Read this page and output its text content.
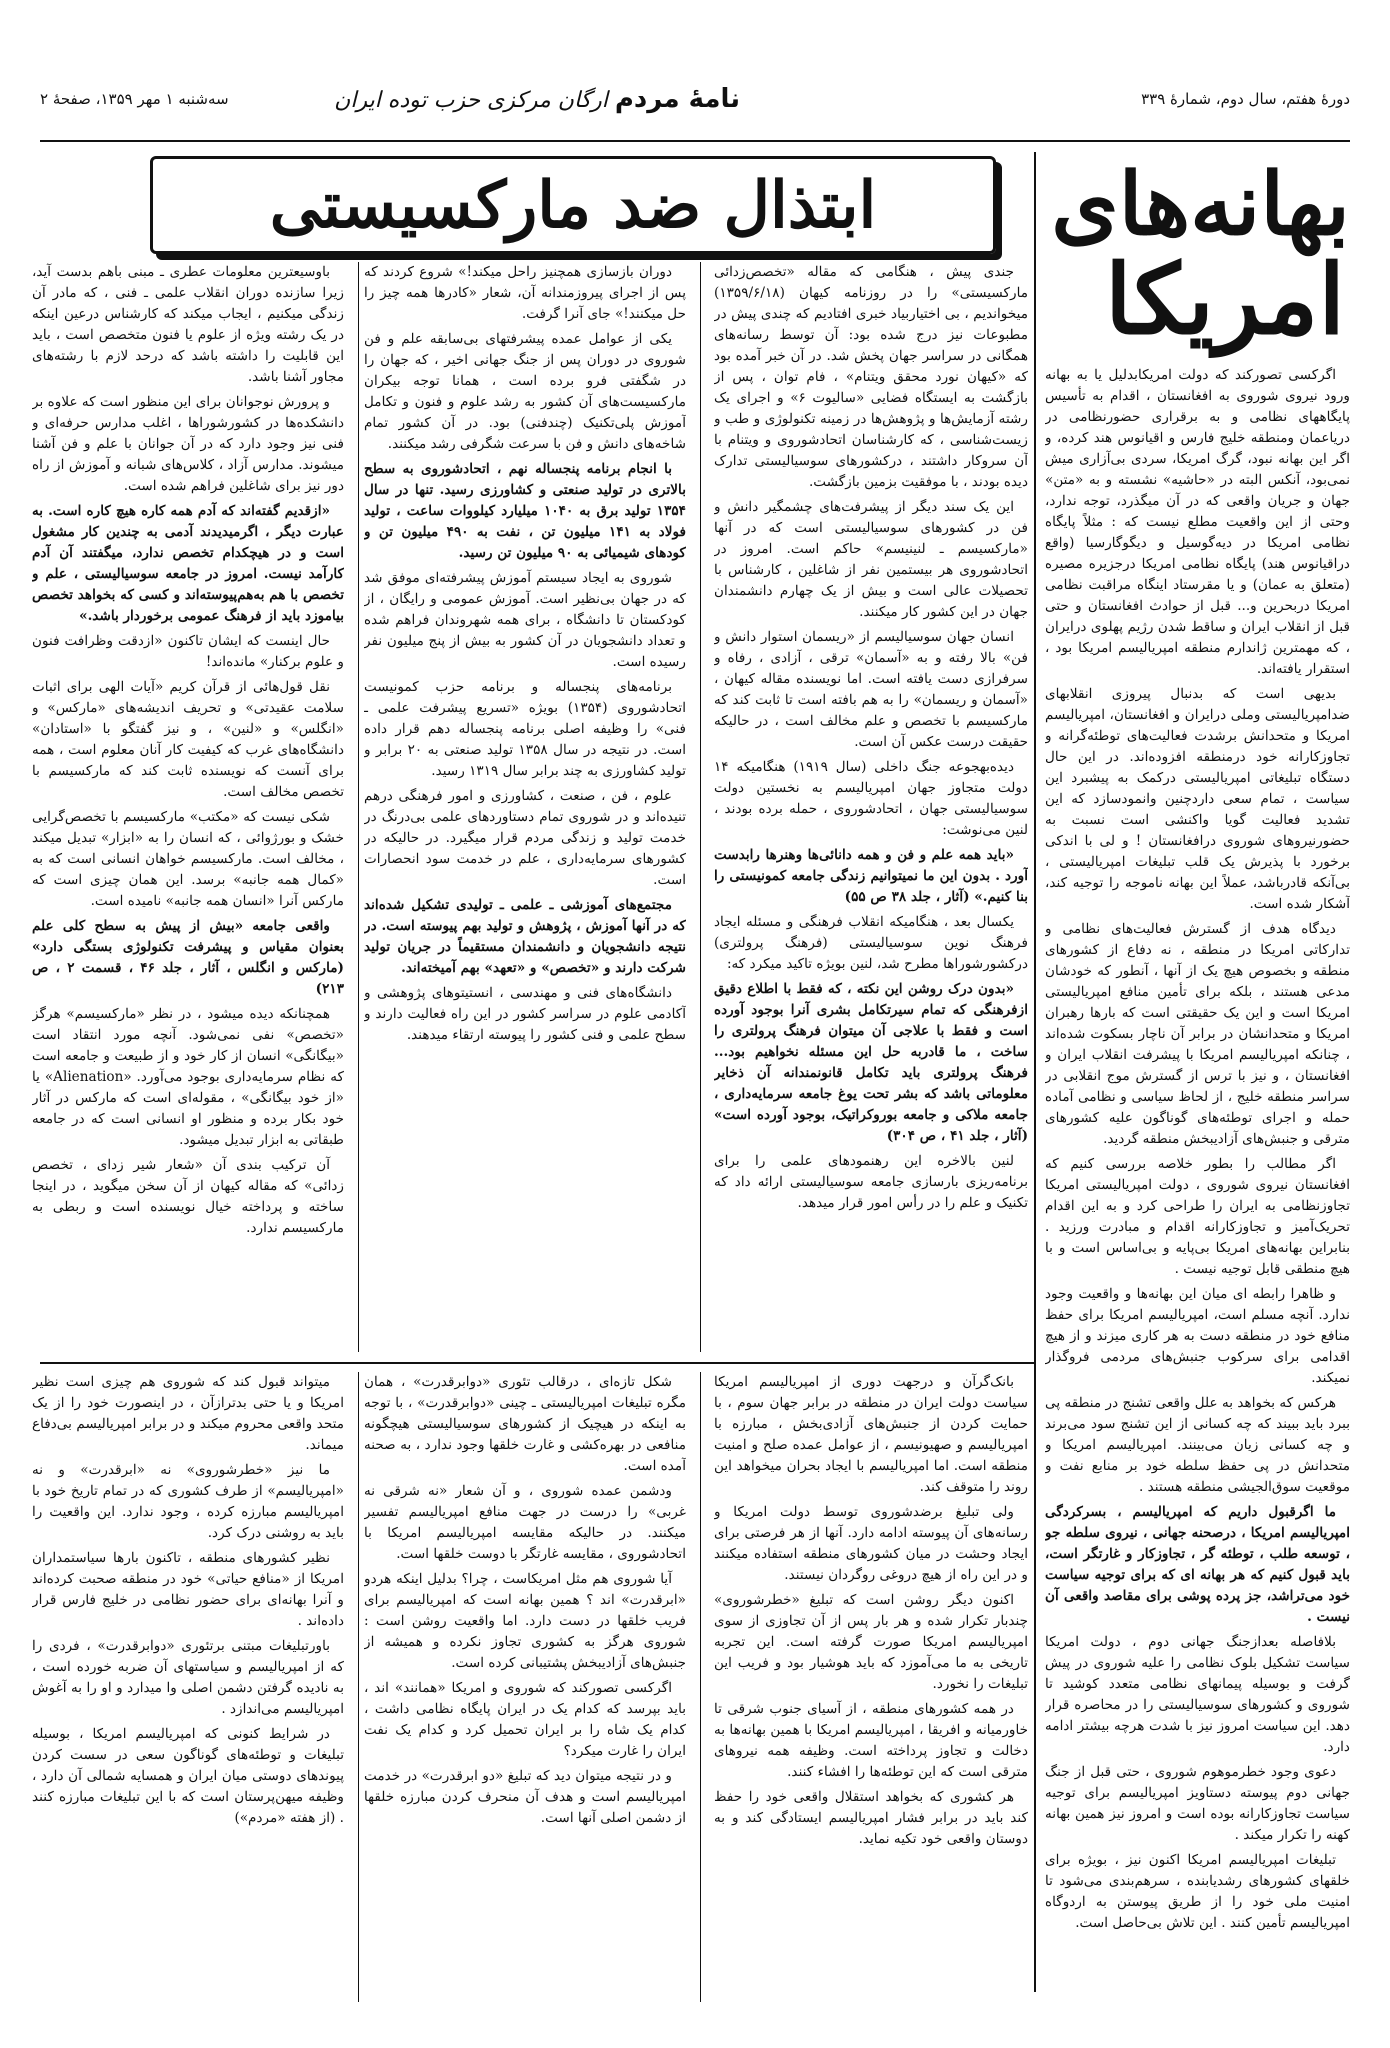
دورهٔ هفتم، سال دوم، شمارهٔ ۳۳۹
نامهٔ مردم ارگان مرکزی حزب توده ایران
سه‌شنبه ۱ مهر ۱۳۵۹، صفحهٔ ۲
بهانه‌های
امریکا

اگرکسی تصورکند که دولت امریکابدلیل یا به بهانه ورود نیروی شوروی به افغانستان ، اقدام به تأسیس پایگاههای نظامی و به برقراری حضورنظامی در درياعمان ومنطقه خلیج فارس و اقیانوس هند کرده، و اگر این بهانه نبود، گرگ امریکا، سردی بی‌آزاری میش نمی‌بود، آنکس البته در «حاشیه» نشسته و به «متن» جهان و جریان واقعی که در آن میگذرد، توجه ندارد، وحتی از این واقعیت مطلع نیست که : مثلاً پایگاه نظامی امریکا در دیه‌گوسیل و دیگوگارسيا (واقع دراقیانوس هند) پایگاه نظامی امریکا درجزیره مصیره (متعلق به عمان) و یا مقرستاد اینگاه مراقبت نظامی امریکا دربحرین و... قبل از حوادث افغانستان و حتی قبل از انقلاب ایران و ساقط شدن رژیم پهلوی درایران ، که مهمترین ژاندارم منطقه امپریالیسم امریکا بود ، استقرار یافته‌اند.

بدیهی است که بدنبال پیروزی انقلابهای ضدامپریالیستی وملی درایران و افغانستان، امپریالیسم امریکا و متحدانش برشدت فعالیت‌های توطئه‌گرانه و تجاوزکارانه خود درمنطقه افزوده‌اند. در این حال دستگاه تبلیغاتی امپریالیستی درکمک به پیشبرد این سیاست ، تمام سعی داردچنین وانمودسازد که این تشدید فعالیت گویا واکنشی است نسبت به حضورنیروهای شوروی درافغانستان ! و لی با اندکی برخورد با پذیرش یک قلب تبلیغات امپریالیستی ، بی‌آنکه قادرباشد، عملاً این بهانه ناموجه را توجیه کند، آشکار شده است.

دیدگاه هدف از گسترش فعالیت‌های نظامی و تدارکاتی امریکا در منطقه ، نه دفاع از کشورهای منطقه و بخصوص هیچ یک از آنها ، آنطور که خودشان مدعی هستند ، بلکه برای تأمین منافع امپریالیستی امریکا است و این یک حقیقتی است که بارها رهبران امریکا و متحدانشان در برابر آن ناچار بسکوت شده‌اند ، چنانکه امپریالیسم امریکا با پیشرفت انقلاب ایران و افغانستان ، و نیز با ترس از گسترش موج انقلابی در سراسر منطقه خلیج ، از لحاظ سیاسی و نظامی آماده حمله و اجرای توطئه‌های گوناگون علیه کشورهای مترقی و جنبش‌های آزادیبخش منطقه گردید.

اگر مطالب را بطور خلاصه بررسی کنیم که افغانستان نیروی شوروی ، دولت امپریالیستی امریکا تجاوزنظامی به ایران را طراحی کرد و به این اقدام تحریک‌آمیز و تجاوزکارانه اقدام و مبادرت ورزید . بنابراین بهانه‌های امریکا بی‌پایه و بی‌اساس است و با هیچ منطقی قابل توجیه نیست .

و ظاهرا رابطه ای میان این بهانه‌ها و واقعیت وجود ندارد. آنچه مسلم است، امپریالیسم امریکا برای حفظ منافع خود در منطقه دست به هر کاری میزند و از هیچ اقدامی برای سرکوب جنبش‌های مردمی فروگذار نمیکند.

هرکس که بخواهد به علل واقعی تشنج در منطقه پی ببرد باید ببیند که چه کسانی از این تشنج سود می‌برند و چه کسانی زیان می‌بینند. امپریالیسم امریکا و متحدانش در پی حفظ سلطه خود بر منابع نفت و موقعیت سوق‌الجیشی منطقه هستند .

ما اگرقبول داریم که امپریالیسم ، بسرکردگی امپریالیسم امریکا ، درصحنه جهانی ، نیروی سلطه جو ، توسعه طلب ، توطئه گر ، تجاوزکار و غارتگر است، باید قبول کنیم که هر بهانه ای که برای توجیه سیاست خود می‌تراشد، جز پرده پوشی برای مقاصد واقعی آن نیست .

بلافاصله بعدازجنگ جهانی دوم ، دولت امریکا سیاست تشکیل بلوک نظامی را علیه شوروی در پیش گرفت و بوسیله پیمانهای نظامی متعدد کوشید تا شوروی و کشورهای سوسیالیستی را در محاصره قرار دهد. این سیاست امروز نیز با شدت هرچه بیشتر ادامه دارد.

دعوی وجود خطرموهوم شوروی ، حتی قبل از جنگ جهانی دوم پیوسته دستاویز امپریالیسم برای توجیه سیاست تجاوزکارانه بوده است و امروز نیز همین بهانه کهنه را تکرار میکند .

تبلیغات امپریالیسم امریکا اکنون نیز ، بویژه برای خلقهای کشورهای رشدیابنده ، سرهم‌بندی می‌شود تا امنیت ملی خود را از طریق پیوستن به اردوگاه امپریالیسم تأمین کنند . این تلاش بی‌حاصل است.

ابتذال ضد مارکسیستی

جندی پیش ، هنگامی که مقاله «تخصص‌زدائی مارکسیستی» را در روزنامه کیهان (۱۳۵۹/۶/۱۸) میخواندیم ، بی اختیاربیاد خبری افتادیم که چندی پیش در مطبوعات نیز درج شده بود: آن توسط رسانه‌های همگانی در سراسر جهان پخش شد. در آن خبر آمده بود که «کیهان نورد محقق ویتنام» ، فام توان ، پس از بازگشت به ایستگاه فضایی «سالیوت ۶» و اجرای یک رشته آزمایش‌ها و پژوهش‌ها در زمینه تکنولوژی و طب و زیست‌شناسی ، که کارشناسان اتحادشوروی و ویتنام با آن سروکار داشتند ، درکشورهای سوسیالیستی تدارک دیده بودند ، با موفقیت بزمین بازگشت.

این یک سند دیگر از پیشرفت‌های چشمگیر دانش و فن در کشورهای سوسیالیستی است که در آنها «مارکسیسم ـ لنینیسم» حاکم است. امروز در اتحادشوروی هر بیستمین نفر از شاغلین ، کارشناس با تحصیلات عالی است و بیش از یک چهارم دانشمندان جهان در این کشور کار میکنند.

انسان جهان سوسیالیسم از «ریسمان استوار دانش و فن» بالا رفته و به «آسمان» ترقی ، آزادی ، رفاه و سرفرازی دست یافته است. اما نویسنده مقاله کیهان ، «آسمان و ریسمان» را به هم بافته است تا ثابت کند که مارکسیسم با تخصص و علم مخالف است ، در حالیکه حقیقت درست عکس آن است.

دیده‌بهجوعه جنگ داخلی (سال ۱۹۱۹) هنگامیکه ۱۴ دولت متجاوز جهان امپریالیسم به نخستین دولت سوسیالیستی جهان ، اتحادشوروی ، حمله برده بودند ، لنین می‌نوشت:

«باید همه علم و فن و همه دانائی‌ها وهنرها رابدست آورد . بدون این ما نمیتوانیم زندگی جامعه کمونیستی را بنا کنیم.» (آثار ، جلد ۳۸ ص ۵۵)

یکسال بعد ، هنگامیکه انقلاب فرهنگی و مسئله ایجاد فرهنگ نوین سوسیالیستی (فرهنگ پرولتری) درکشورشوراها مطرح شد، لنین بویژه تاکید میکرد که:

«بدون درک روشن این نکته ، که فقط با اطلاع دقیق ازفرهنگی که تمام سیرتکامل بشری آنرا بوجود آورده است و فقط با علاجی آن میتوان فرهنگ پرولتری را ساخت ، ما قادربه حل این مسئله نخواهیم بود... فرهنگ پرولتری باید تکامل قانونمندانه آن ذخایر معلوماتی باشد که بشر تحت یوغ جامعه سرمایه‌داری ، جامعه ملاکی و جامعه بوروکراتیک، بوجود آورده است» (آثار ، جلد ۴۱ ، ص ۳۰۴)

لنین بالاخره این رهنمودهای علمی را برای برنامه‌ریزی بارسازی جامعه سوسیالیستی ارائه داد که تکنیک و علم را در رأس امور قرار میدهد.

دوران بازسازی همچنیز راحل میکند!» شروع کردند که پس از اجرای پیروزمندانه آن، شعار «کادرها همه چیز را حل میکنند!» جای آنرا گرفت.

یکی از عوامل عمده پیشرفتهای بی‌سابقه علم و فن شوروی در دوران پس از جنگ جهانی اخیر ، که جهان را در شگفتی فرو برده است ، همانا توجه بیکران مارکسیست‌های آن کشور به رشد علوم و فنون و تکامل آموزش پلی‌تکنیک (چندفنی) بود. در آن کشور تمام شاخه‌های دانش و فن با سرعت شگرفی رشد میکنند.

با انجام برنامه پنجساله نهم ، اتحادشوروی به سطح بالاتری در تولید صنعتی و کشاورزی رسید. تنها در سال ۱۳۵۴ تولید برق به ۱۰۴۰ میلیارد کیلووات ساعت ، تولید فولاد به ۱۴۱ میلیون تن ، نفت به ۴۹۰ میلیون تن و کودهای شیمیائی به ۹۰ میلیون تن رسید.

شوروی به ایجاد سیستم آموزش پیشرفته‌ای موفق شد که در جهان بی‌نظیر است. آموزش عمومی و رایگان ، از کودکستان تا دانشگاه ، برای همه شهروندان فراهم شده و تعداد دانشجویان در آن کشور به بیش از پنج میلیون نفر رسیده است.

برنامه‌های پنجساله و برنامه حزب کمونیست اتحادشوروی (۱۳۵۴) بویژه «تسریع پیشرفت علمی ـ فنی» را وظیفه اصلی برنامه پنجساله دهم قرار داده است. در نتیجه در سال ۱۳۵۸ تولید صنعتی به ۲۰ برابر و تولید کشاورزی به چند برابر سال ۱۳۱۹ رسید.

علوم ، فن ، صنعت ، کشاورزی و امور فرهنگی درهم تنیده‌اند و در شوروی تمام دستاوردهای علمی بی‌درنگ در خدمت تولید و زندگی مردم قرار میگیرد. در حالیکه در کشورهای سرمایه‌داری ، علم در خدمت سود انحصارات است.

مجتمع‌های آموزشی ـ علمی ـ تولیدی تشکیل شده‌اند که در آنها آموزش ، پژوهش و تولید بهم پیوسته است. در نتیجه دانشجویان و دانشمندان مستقیماً در جریان تولید شرکت دارند و «تخصص» و «تعهد» بهم آمیخته‌اند.

دانشگاه‌های فنی و مهندسی ، انستیتوهای پژوهشی و آکادمی علوم در سراسر کشور در این راه فعالیت دارند و سطح علمی و فنی کشور را پیوسته ارتقاء میدهند.

باوسیعترین معلومات عطری ـ مبنی باهم بدست آید، زیرا سازنده دوران انقلاب علمی ـ فنی ، که مادر آن زندگی میکنیم ، ایجاب میکند که کارشناس درعین اینکه در یک رشته ویژه از علوم یا فنون متخصص است ، باید این قابلیت را داشته باشد که درحد لازم با رشته‌های مجاور آشنا باشد.

و پرورش نوجوانان برای این منظور است که علاوه بر دانشکده‌ها در کشورشوراها ، اغلب مدارس حرفه‌ای و فنی نیز وجود دارد که در آن جوانان با علم و فن آشنا میشوند. مدارس آزاد ، کلاس‌های شبانه و آموزش از راه دور نیز برای شاغلین فراهم شده است.

«ازقدیم گفته‌اند که آدم همه کاره هیچ کاره است. به عبارت دیگر ، اگرمیدیدند آدمی به چندین کار مشغول است و در هیچکدام تخصص ندارد، میگفتند آن آدم کارآمد نیست. امروز در جامعه سوسیالیستی ، علم و تخصص با هم به‌هم‌پیوسته‌اند و کسی که بخواهد تخصص بیاموزد باید از فرهنگ عمومی برخوردار باشد.»

حال اینست که ایشان تاکنون «ازدقت وظرافت فنون و علوم برکنار» مانده‌اند!

نقل قول‌هائی از قرآن کریم «آیات الهی برای اثبات سلامت عقیدتی» و تحریف اندیشه‌های «مارکس» و «انگلس» و «لنین» ، و نیز گفتگو با «استادان» دانشگاه‌های غرب که کیفیت کار آنان معلوم است ، همه برای آنست که نویسنده ثابت کند که مارکسیسم با تخصص مخالف است.

شکی نیست که «مکتب» مارکسیسم با تخصص‌گرایی خشک و بورژوائی ، که انسان را به «ابزار» تبدیل میکند ، مخالف است. مارکسیسم خواهان انسانی است که به «کمال همه جانبه» برسد. این همان چیزی است که مارکس آنرا «انسان همه جانبه» نامیده است.

واقعی جامعه «بیش از پیش به سطح کلی علم بعنوان مقیاس و پیشرفت تکنولوژی بستگی دارد» (مارکس و انگلس ، آثار ، جلد ۴۶ ، قسمت ۲ ، ص ۲۱۳)

همچنانکه دیده میشود ، در نظر «مارکسیسم» هرگز «تخصص» نفی نمی‌شود. آنچه مورد انتقاد است «بیگانگی» انسان از کار خود و از طبیعت و جامعه است که نظام سرمایه‌داری بوجود می‌آورد. «Alienation» یا «از خود بیگانگی» ، مقوله‌ای است که مارکس در آثار خود بکار برده و منظور او انسانی است که در جامعه طبقاتی به ابزار تبدیل میشود.

آن ترکیب بندی آن «شعار شیر زدای ، تخصص زدائی» که مقاله کیهان از آن سخن میگوید ، در اینجا ساخته و پرداخته خیال نویسنده است و ربطی به مارکسیسم ندارد.

بانک‌گرآن و درجهت دوری از امپریالیسم امریکا سیاست دولت ایران در منطقه در برابر جهان سوم ، با حمایت کردن از جنبش‌های آزادی‌بخش ، مبارزه با امپریالیسم و صهیونیسم ، از عوامل عمده صلح و امنیت منطقه است. اما امپریالیسم با ایجاد بحران میخواهد این روند را متوقف کند.

ولی تبلیغ برضدشوروی توسط دولت امریکا و رسانه‌های آن پیوسته ادامه دارد. آنها از هر فرصتی برای ایجاد وحشت در میان کشورهای منطقه استفاده میکنند و در این راه از هیچ دروغی روگردان نیستند.

اکنون دیگر روشن است که تبلیغ «خطرشوروی» چندبار تکرار شده و هر بار پس از آن تجاوزی از سوی امپریالیسم امریکا صورت گرفته است. این تجربه تاریخی به ما می‌آموزد که باید هوشیار بود و فریب این تبلیغات را نخورد.

در همه کشورهای منطقه ، از آسیای جنوب شرقی تا خاورمیانه و افریقا ، امپریالیسم امریکا با همین بهانه‌ها به دخالت و تجاوز پرداخته است. وظیفه همه نیروهای مترقی است که این توطئه‌ها را افشاء کنند.

هر کشوری که بخواهد استقلال واقعی خود را حفظ کند باید در برابر فشار امپریالیسم ایستادگی کند و به دوستان واقعی خود تکیه نماید.

شکل تازه‌ای ، درقالب تئوری «دوابرقدرت» ، همان مگره تبلیغات امپریالیستی ـ چینی «دوابرقدرت» ، با توجه به اینکه در هیچیک از کشورهای سوسیالیستی هیچگونه منافعی در بهره‌کشی و غارت خلقها وجود ندارد ، به صحنه آمده است.

ودشمن عمده شوروی ، و آن شعار «نه شرقی نه غربی» را درست در جهت منافع امپریالیسم تفسیر میکنند. در حالیکه مقایسه امپریالیسم امریکا با اتحادشوروی ، مقایسه غارتگر با دوست خلقها است.

آیا شوروی هم مثل امریکاست ، چرا؟ بدلیل اینکه هردو «ابرقدرت» اند ؟ همین بهانه است که امپریالیسم برای فریب خلقها در دست دارد. اما واقعیت روشن است : شوروی هرگز به کشوری تجاوز نکرده و همیشه از جنبش‌های آزادیبخش پشتیبانی کرده است.

اگرکسی تصورکند که شوروی و امریکا «همانند» اند ، باید بپرسد که کدام یک در ایران پایگاه نظامی داشت ، کدام یک شاه را بر ایران تحمیل کرد و کدام یک نفت ایران را غارت میکرد؟

و در نتیجه میتوان دید که تبلیغ «دو ابرقدرت» در خدمت امپریالیسم است و هدف آن منحرف کردن مبارزه خلقها از دشمن اصلی آنها است.

میتواند قبول کند که شوروی هم چیزی است نظیر امریکا و یا حتی بدترازآن ، در اینصورت خود را از یک متحد واقعی محروم میکند و در برابر امپریالیسم بی‌دفاع میماند.

ما نیز «خطرشوروی» نه «ابرقدرت» و نه «امپریالیسم» از طرف کشوری که در تمام تاریخ خود با امپریالیسم مبارزه کرده ، وجود ندارد. این واقعیت را باید به روشنی درک کرد.

نظیر کشورهای منطقه ، تاکنون بارها سیاستمداران امریکا از «منافع حیاتی» خود در منطقه صحبت کرده‌اند و آنرا بهانه‌ای برای حضور نظامی در خلیج فارس قرار داده‌اند .

باورتبلیغات مبتنی برتئوری «دوابرقدرت» ، فردی را که از امپریالیسم و سیاستهای آن ضربه خورده است ، به نادیده گرفتن دشمن اصلی وا میدارد و او را به آغوش امپریالیسم می‌اندازد .

در شرایط کنونی که امپریالیسم امریکا ، بوسیله تبلیغات و توطئه‌های گوناگون سعی در سست کردن پیوندهای دوستی میان ایران و همسایه شمالی آن دارد ، وظیفه میهن‌پرستان است که با این تبلیغات مبارزه کنند . (از هفته «مردم»)
